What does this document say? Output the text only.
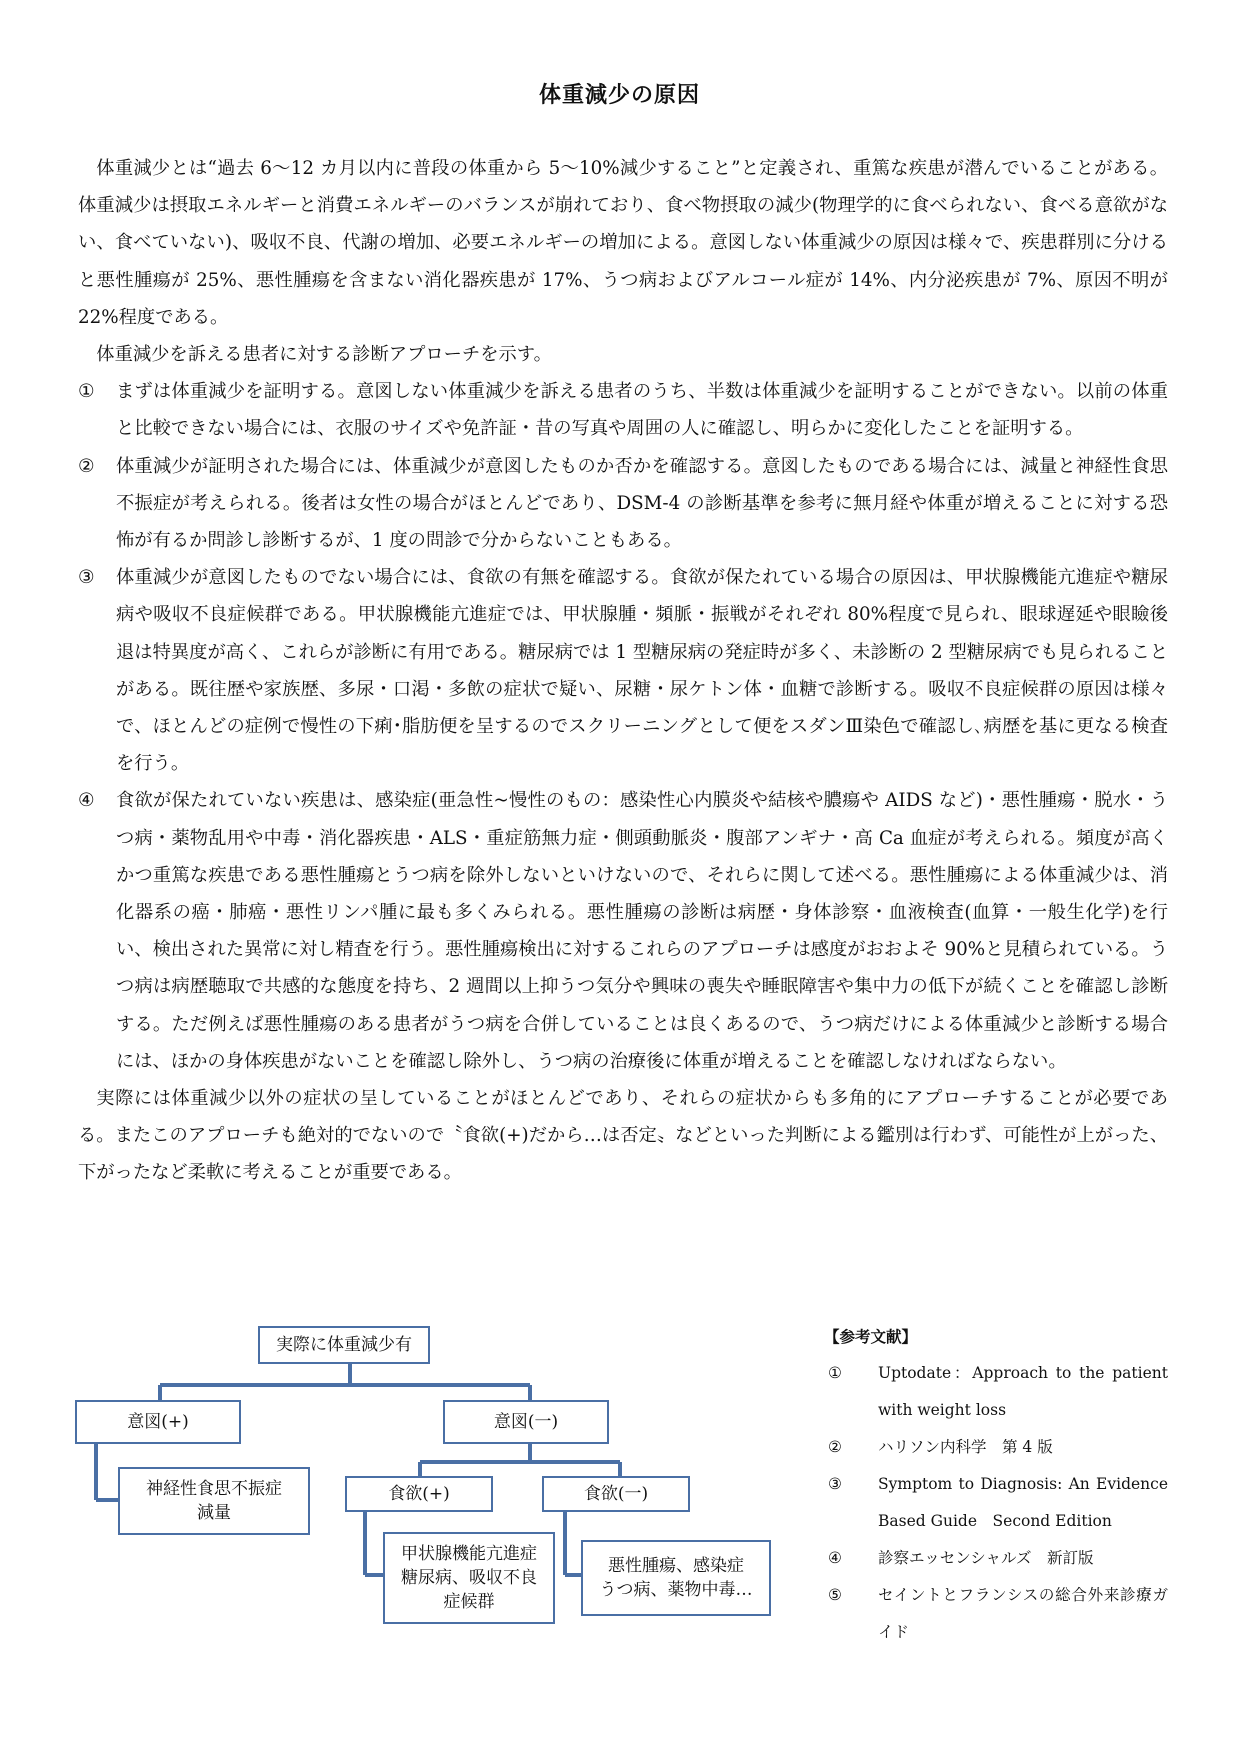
体重減少の原因

体重減少とは“過去 6〜12 カ月以内に普段の体重から 5〜10%減少すること”と定義され、重篤な疾患が潜んでいることがある。体重減少は摂取エネルギーと消費エネルギーのバランスが崩れており、食べ物摂取の減少(物理学的に食べられない、食べる意欲がない、食べていない)、吸収不良、代謝の増加、必要エネルギーの増加による。意図しない体重減少の原因は様々で、疾患群別に分けると悪性腫瘍が 25%、悪性腫瘍を含まない消化器疾患が 17%、うつ病およびアルコール症が 14%、内分泌疾患が 7%、原因不明が 22%程度である。

体重減少を訴える患者に対する診断アプローチを示す。

① まずは体重減少を証明する。意図しない体重減少を訴える患者のうち、半数は体重減少を証明することができない。以前の体重と比較できない場合には、衣服のサイズや免許証・昔の写真や周囲の人に確認し、明らかに変化したことを証明する。
② 体重減少が証明された場合には、体重減少が意図したものか否かを確認する。意図したものである場合には、減量と神経性食思不振症が考えられる。後者は女性の場合がほとんどであり、DSM-4 の診断基準を参考に無月経や体重が増えることに対する恐怖が有るか問診し診断するが、1 度の問診で分からないこともある。
③ 体重減少が意図したものでない場合には、食欲の有無を確認する。食欲が保たれている場合の原因は、甲状腺機能亢進症や糖尿病や吸収不良症候群である。甲状腺機能亢進症では、甲状腺腫・頻脈・振戦がそれぞれ 80%程度で見られ、眼球遅延や眼瞼後退は特異度が高く、これらが診断に有用である。糖尿病では 1 型糖尿病の発症時が多く、未診断の 2 型糖尿病でも見られることがある。既往歴や家族歴、多尿・口渇・多飲の症状で疑い、尿糖・尿ケトン体・血糖で診断する。吸収不良症候群の原因は様々で、ほとんどの症例で慢性の下痢･脂肪便を呈するのでスクリーニングとして便をスダンⅢ染色で確認し､病歴を基に更なる検査を行う。
④ 食欲が保たれていない疾患は、感染症(亜急性~慢性のもの：感染性心内膜炎や結核や膿瘍や AIDS など)・悪性腫瘍・脱水・うつ病・薬物乱用や中毒・消化器疾患・ALS・重症筋無力症・側頭動脈炎・腹部アンギナ・高 Ca 血症が考えられる。頻度が高くかつ重篤な疾患である悪性腫瘍とうつ病を除外しないといけないので、それらに関して述べる。悪性腫瘍による体重減少は、消化器系の癌・肺癌・悪性リンパ腫に最も多くみられる。悪性腫瘍の診断は病歴・身体診察・血液検査(血算・一般生化学)を行い、検出された異常に対し精査を行う。悪性腫瘍検出に対するこれらのアプローチは感度がおおよそ 90%と見積られている。うつ病は病歴聴取で共感的な態度を持ち、2 週間以上抑うつ気分や興味の喪失や睡眠障害や集中力の低下が続くことを確認し診断する。ただ例えば悪性腫瘍のある患者がうつ病を合併していることは良くあるので、うつ病だけによる体重減少と診断する場合には、ほかの身体疾患がないことを確認し除外し、うつ病の治療後に体重が増えることを確認しなければならない。

実際には体重減少以外の症状の呈していることがほとんどであり、それらの症状からも多角的にアプローチすることが必要である。またこのアプローチも絶対的でないので〝食欲(+)だから…は否定〟などといった判断による鑑別は行わず、可能性が上がった、下がったなど柔軟に考えることが重要である。

実際に体重減少有
意図(+)	意図(一)
神経性食思不振症
減量
食欲(+)	食欲(一)
甲状腺機能亢進症
糖尿病、吸収不良
症候群
悪性腫瘍、感染症
うつ病、薬物中毒…
【参考文献】
① Uptodate：Approach to the patient with weight loss
② ハリソン内科学　第 4 版
③ Symptom to Diagnosis: An Evidence Based Guide　Second Edition
④ 診察エッセンシャルズ　新訂版
⑤ セイントとフランシスの総合外来診療ガイド
